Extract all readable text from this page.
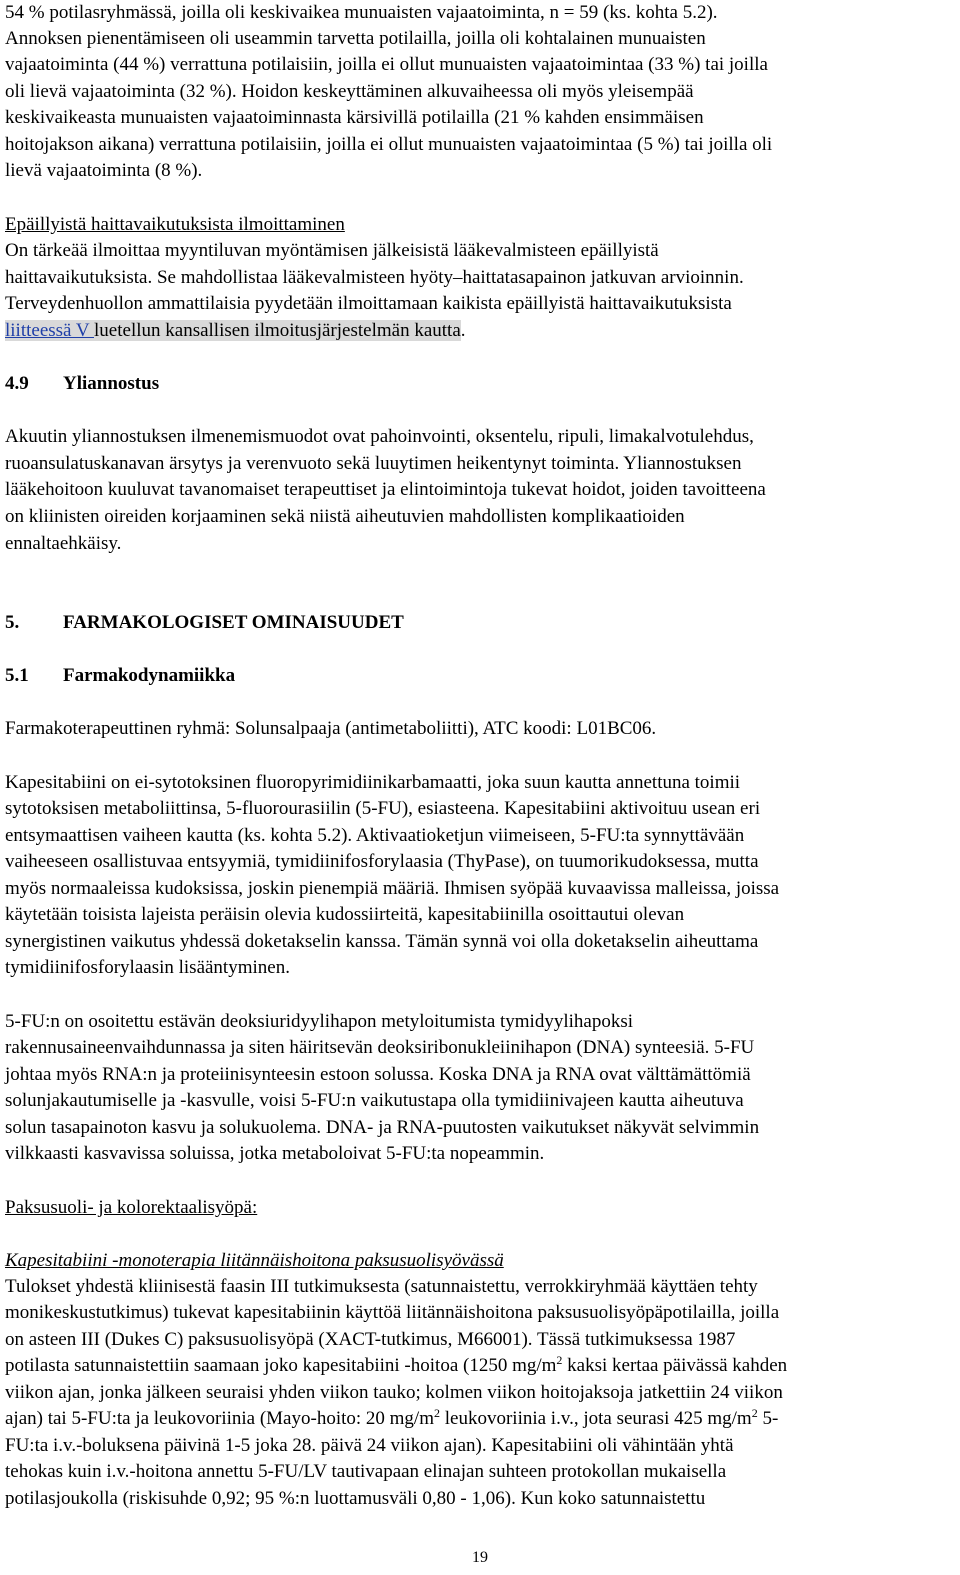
54 % potilasryhmässä, joilla oli keskivaikea munuaisten vajaatoiminta, n = 59 (ks. kohta 5.2).
Annoksen pienentämiseen oli useammin tarvetta potilailla, joilla oli kohtalainen munuaisten
vajaatoiminta (44 %) verrattuna potilaisiin, joilla ei ollut munuaisten vajaatoimintaa (33 %) tai joilla
oli lievä vajaatoiminta (32 %). Hoidon keskeyttäminen alkuvaiheessa oli myös yleisempää
keskivaikeasta munuaisten vajaatoiminnasta kärsivillä potilailla (21 % kahden ensimmäisen
hoitojakson aikana) verrattuna potilaisiin, joilla ei ollut munuaisten vajaatoimintaa (5 %) tai joilla oli
lievä vajaatoiminta (8 %).
Epäillyistä haittavaikutuksista ilmoittaminen
On tärkeää ilmoittaa myyntiluvan myöntämisen jälkeisistä lääkevalmisteen epäillyistä
haittavaikutuksista. Se mahdollistaa lääkevalmisteen hyöty–haittatasapainon jatkuvan arvioinnin.
Terveydenhuollon ammattilaisia pyydetään ilmoittamaan kaikista epäillyistä haittavaikutuksista
liitteessä V luetellun kansallisen ilmoitusjärjestelmän kautta.
4.9 Yliannostus
Akuutin yliannostuksen ilmenemismuodot ovat pahoinvointi, oksentelu, ripuli, limakalvotulehdus,
ruoansulatuskanavan ärsytys ja verenvuoto sekä luuytimen heikentynyt toiminta. Yliannostuksen
lääkehoitoon kuuluvat tavanomaiset terapeuttiset ja elintoimintoja tukevat hoidot, joiden tavoitteena
on kliinisten oireiden korjaaminen sekä niistä aiheutuvien mahdollisten komplikaatioiden
ennaltaehkäisy.
5. FARMAKOLOGISET OMINAISUUDET
5.1 Farmakodynamiikka
Farmakoterapeuttinen ryhmä: Solunsalpaaja (antimetaboliitti), ATC koodi: L01BC06.
Kapesitabiini on ei-sytotoksinen fluoropyrimidiinikarbamaatti, joka suun kautta annettuna toimii
sytotoksisen metaboliittinsa, 5-fluorourasiilin (5-FU), esiasteena. Kapesitabiini aktivoituu usean eri
entsymaattisen vaiheen kautta (ks. kohta 5.2). Aktivaatioketjun viimeiseen, 5-FU:ta synnyttävään
vaiheeseen osallistuvaa entsyymiä, tymidiinifosforylaasia (ThyPase), on tuumorikudoksessa, mutta
myös normaaleissa kudoksissa, joskin pienempiä määriä. Ihmisen syöpää kuvaavissa malleissa, joissa
käytetään toisista lajeista peräisin olevia kudossiirteitä, kapesitabiinilla osoittautui olevan
synergistinen vaikutus yhdessä doketakselin kanssa. Tämän synnä voi olla doketakselin aiheuttama
tymidiinifosforylaasin lisääntyminen.
5-FU:n on osoitettu estävän deoksiuridyylihapon metyloitumista tymidyylihapoksi
rakennusaineenvaihdunnassa ja siten häiritsevän deoksiribonukleiinihapon (DNA) synteesiä. 5-FU
johtaa myös RNA:n ja proteiinisynteesin estoon solussa. Koska DNA ja RNA ovat välttämättömiä
solunjakautumiselle ja -kasvulle, voisi 5-FU:n vaikutustapa olla tymidiinivajeen kautta aiheutuva
solun tasapainoton kasvu ja solukuolema. DNA- ja RNA-puutosten vaikutukset näkyvät selvimmin
vilkkaasti kasvavissa soluissa, jotka metaboloivat 5-FU:ta nopeammin.
Paksusuoli- ja kolorektaalisyöpä:
Kapesitabiini -monoterapia liitännäishoitona paksusuolisyövässä
Tulokset yhdestä kliinisestä faasin III tutkimuksesta (satunnaistettu, verrokkiryhmää käyttäen tehty
monikeskustutkimus) tukevat kapesitabiinin käyttöä liitännäishoitona paksusuolisyöpäpotilailla, joilla
on asteen III (Dukes C) paksusuolisyöpä (XACT-tutkimus, M66001). Tässä tutkimuksessa 1987
potilasta satunnaistettiin saamaan joko kapesitabiini -hoitoa (1250 $mg/m^2$ kaksi kertaa päivässä kahden
viikon ajan, jonka jälkeen seuraisi yhden viikon tauko; kolmen viikon hoitojaksoja jatkettiin 24 viikon
ajan) tai 5-FU:ta ja leukovoriinia (Mayo-hoito: 20 $mg/m^2$ leukovoriinia i.v., jota seurasi 425 $mg/m^2$ 5-
FU:ta i.v.-boluksena päivinä 1-5 joka 28. päivä 24 viikon ajan). Kapesitabiini oli vähintään yhtä
tehokas kuin i.v.-hoitona annettu 5-FU/LV tautivapaan elinajan suhteen protokollan mukaisella
potilasjoukolla (riskisuhde 0,92; 95 %:n luottamusväli 0,80 - 1,06). Kun koko satunnaistettu
19
